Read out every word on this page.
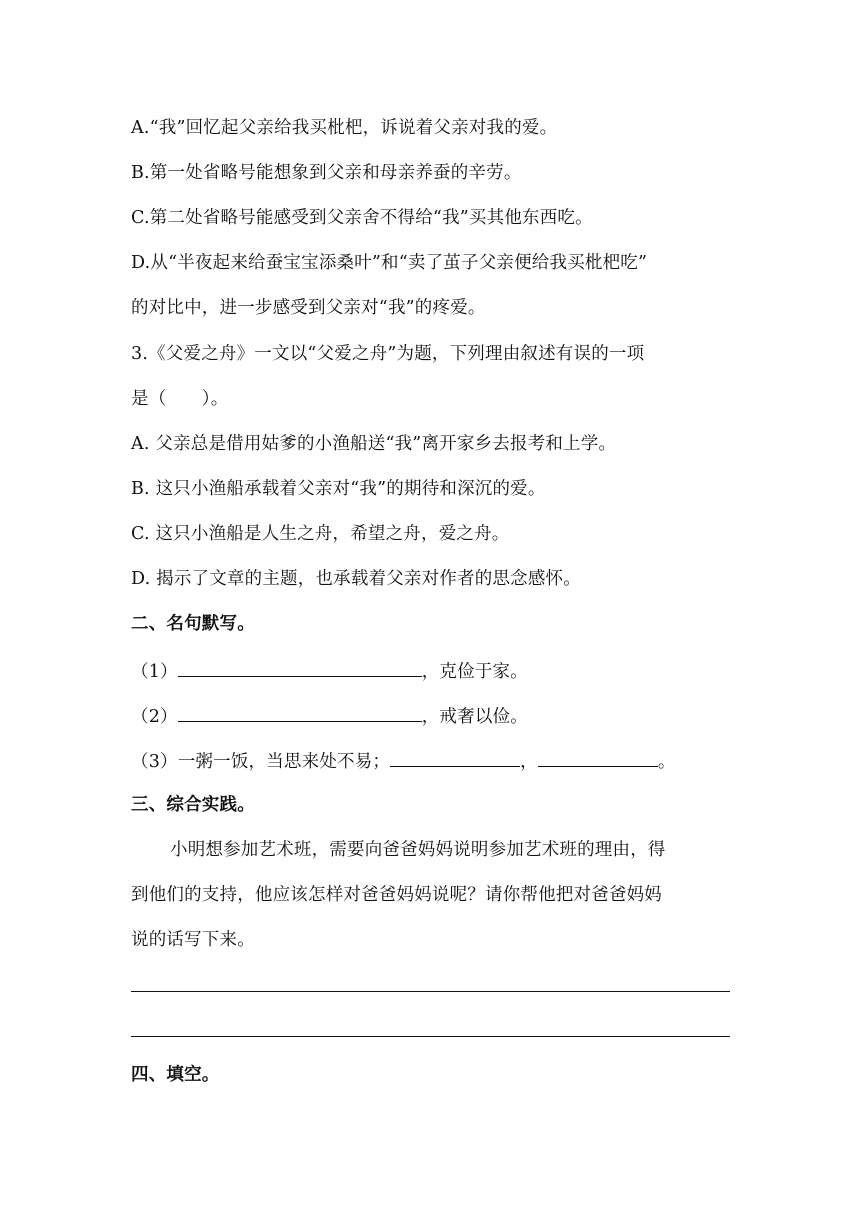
A.“我”回忆起父亲给我买枇杷，诉说着父亲对我的爱。
B.第一处省略号能想象到父亲和母亲养蚕的辛劳。
C.第二处省略号能感受到父亲舍不得给“我”买其他东西吃。
D.从“半夜起来给蚕宝宝添桑叶”和“卖了茧子父亲便给我买枇杷吃”
的对比中，进一步感受到父亲对“我”的疼爱。
3.《父爱之舟》一文以“父爱之舟”为题，下列理由叙述有误的一项
是（　　）。
A. 父亲总是借用姑爹的小渔船送“我”离开家乡去报考和上学。
B. 这只小渔船承载着父亲对“我”的期待和深沉的爱。
C. 这只小渔船是人生之舟，希望之舟，爱之舟。
D. 揭示了文章的主题，也承载着父亲对作者的思念感怀。
二、名句默写。
（1）	，克俭于家。
（2）	，戒奢以俭。
（3）一粥一饭，当思来处不易；	，	。
三、综合实践。
小明想参加艺术班，需要向爸爸妈妈说明参加艺术班的理由，得
到他们的支持，他应该怎样对爸爸妈妈说呢？请你帮他把对爸爸妈妈
说的话写下来。
四、填空。
